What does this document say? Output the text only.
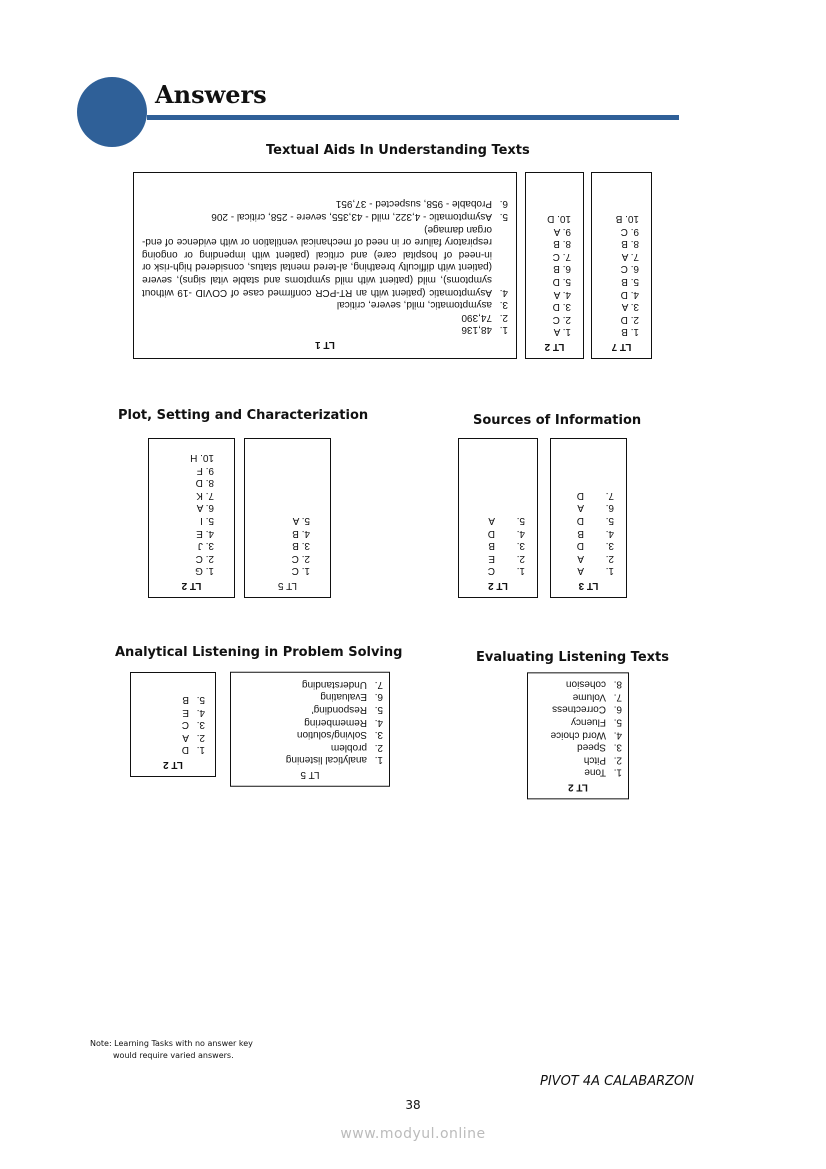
Answers
Textual Aids In Understanding Texts
LT 1
1.
48,136
2.
74,390
3.
asymptomatic, mild, severe, critical
4.
Asymptomatic (patient with an RT-PCR confirmed case of COVID -19 without symptoms), mild (patient with mild symptoms and stable vital signs), severe (patient with difficulty breathing, al-tered mental status, considered high-risk or in-need of hospital care) and critical (patient with impending or ongoing respiratory failure or in need of mechanical ventilation or with evidence of end-organ damage)
5.
Asymptomatic - 4,322, mild - 43,355, severe - 258, critical - 206
6.
Probable - 958, suspected - 37,951
LT 2
1. A
2. C
3. D
4. A
5. D
6. B
7. C
8. B
9. A
10. D
LT 7
1. B
2. D
3. A
4. D
5. B
6. C
7. A
8. B
9. C
10. B
Plot, Setting and Characterization
LT 2
1. G
2. C
3. J
4. E
5. I
6. A
7. K
8. D
9. F
10. H
LT 5
1. C
2. C
3. B
4. B
5. A
Sources of Information
LT 2
1.
C
2.
E
3.
B
4.
D
5.
A
LT 3
1.
A
2.
A
3.
D
4.
B
5.
D
6.
A
7.
D
Analytical Listening in Problem Solving
LT 2
1.
D
2.
A
3.
C
4.
E
5.
B
LT 5
1.
analytical listening
2.
problem
3.
Solving/solution
4.
Remembering
5.
Responding'
6.
Evaluating
7.
Understanding
Evaluating Listening Texts
LT 2
1.
Tone
2.
Pitch
3.
Speed
4.
Word choice
5.
Fluency
6.
Correctness
7.
Volume
8.
cohesion
Note: Learning Tasks with no answer key
would require varied answers.
PIVOT 4A CALABARZON
38
www.modyul.online
